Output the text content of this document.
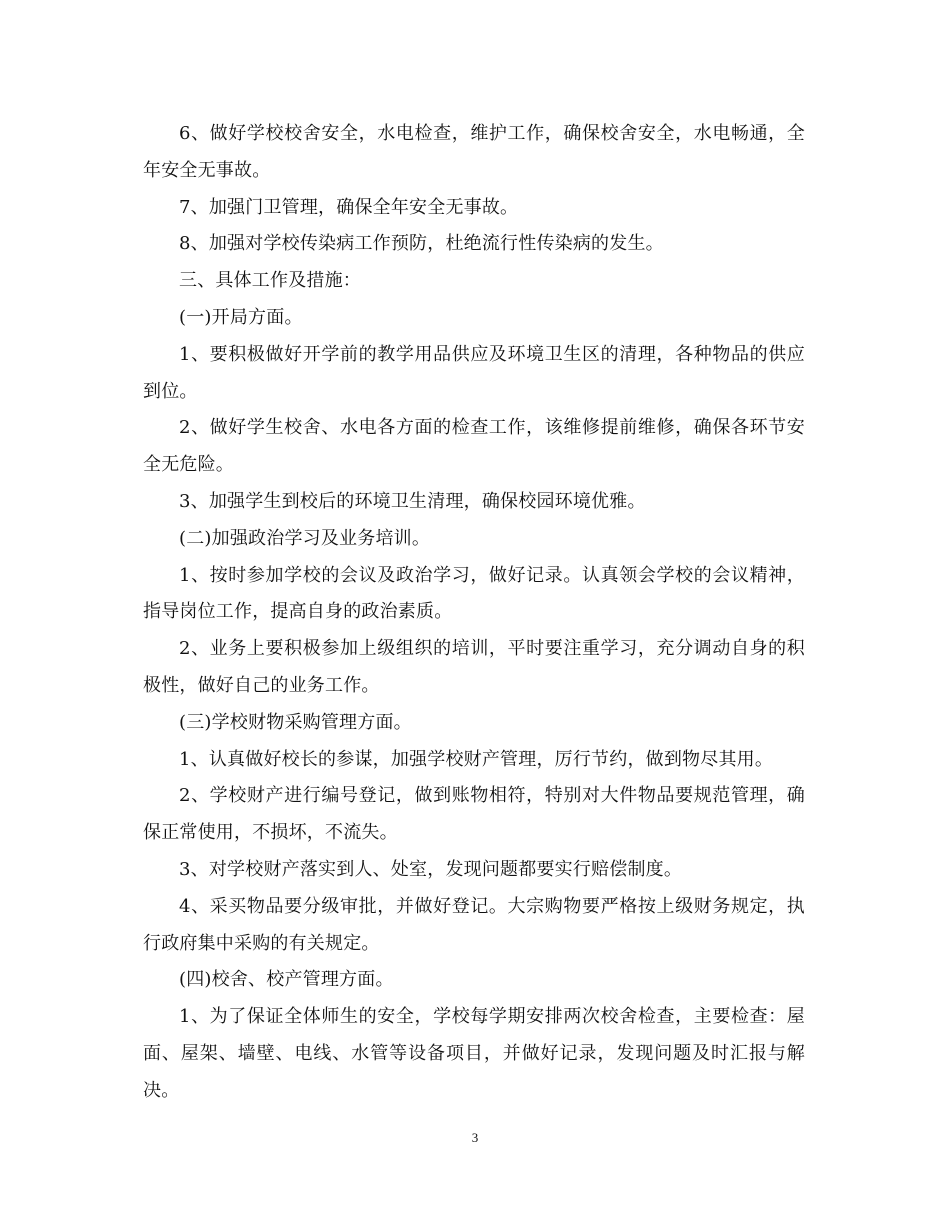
6、做好学校校舍安全，水电检查，维护工作，确保校舍安全，水电畅通，全年安全无事故。

7、加强门卫管理，确保全年安全无事故。

8、加强对学校传染病工作预防，杜绝流行性传染病的发生。

三、具体工作及措施：

(一)开局方面。

1、要积极做好开学前的教学用品供应及环境卫生区的清理，各种物品的供应到位。

2、做好学生校舍、水电各方面的检查工作，该维修提前维修，确保各环节安全无危险。

3、加强学生到校后的环境卫生清理，确保校园环境优雅。

(二)加强政治学习及业务培训。

1、按时参加学校的会议及政治学习，做好记录。认真领会学校的会议精神，指导岗位工作，提高自身的政治素质。

2、业务上要积极参加上级组织的培训，平时要注重学习，充分调动自身的积极性，做好自己的业务工作。

(三)学校财物采购管理方面。

1、认真做好校长的参谋，加强学校财产管理，厉行节约，做到物尽其用。

2、学校财产进行编号登记，做到账物相符，特别对大件物品要规范管理，确保正常使用，不损坏，不流失。

3、对学校财产落实到人、处室，发现问题都要实行赔偿制度。

4、采买物品要分级审批，并做好登记。大宗购物要严格按上级财务规定，执行政府集中采购的有关规定。

(四)校舍、校产管理方面。

1、为了保证全体师生的安全，学校每学期安排两次校舍检查，主要检查：屋面、屋架、墙壁、电线、水管等设备项目，并做好记录，发现问题及时汇报与解决。

3
